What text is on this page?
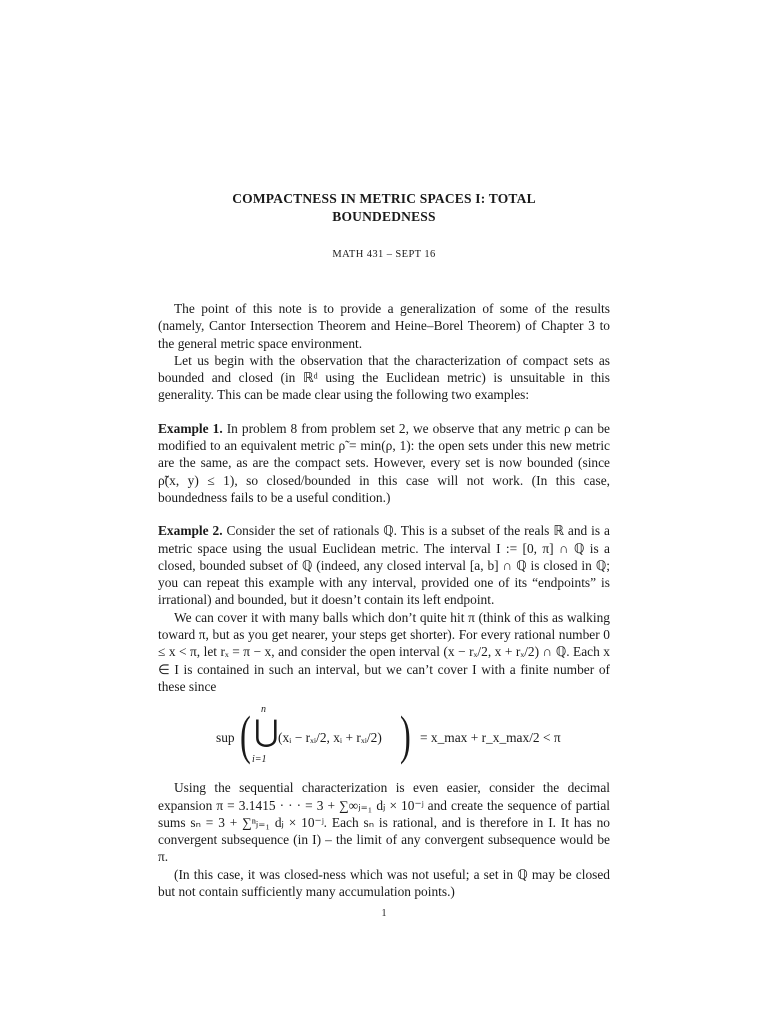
COMPACTNESS IN METRIC SPACES I: TOTAL
BOUNDEDNESS
MATH 431 – SEPT 16

The point of this note is to provide a generalization of some of the results (namely, Cantor Intersection Theorem and Heine–Borel Theorem) of Chapter 3 to the general metric space environment.

Let us begin with the observation that the characterization of compact sets as bounded and closed (in ℝᵈ using the Euclidean metric) is unsuitable in this generality. This can be made clear using the following two examples:

Example 1. In problem 8 from problem set 2, we observe that any metric ρ can be modified to an equivalent metric ρ̃ = min(ρ, 1): the open sets under this new metric are the same, as are the compact sets. However, every set is now bounded (since ρ̃(x, y) ≤ 1), so closed/bounded in this case will not work. (In this case, boundedness fails to be a useful condition.)

Example 2. Consider the set of rationals ℚ. This is a subset of the reals ℝ and is a metric space using the usual Euclidean metric. The interval I := [0, π] ∩ ℚ is a closed, bounded subset of ℚ (indeed, any closed interval [a, b] ∩ ℚ is closed in ℚ; you can repeat this example with any interval, provided one of its “endpoints” is irrational) and bounded, but it doesn’t contain its left endpoint.

We can cover it with many balls which don’t quite hit π (think of this as walking toward π, but as you get nearer, your steps get shorter). For every rational number 0 ≤ x < π, let rₓ = π − x, and consider the open interval (x − rₓ/2, x + rₓ/2) ∩ ℚ. Each x ∈ I is contained in such an interval, but we can’t cover I with a finite number of these since

sup ( n
⋃
i=1
(xᵢ − rₓᵢ/2, xᵢ + rₓᵢ/2) ) = x_max + r_x_max/2 < π

Using the sequential characterization is even easier, consider the decimal expansion π = 3.1415 · · · = 3 + ∑∞ⱼ₌₁ dⱼ × 10⁻ʲ and create the sequence of partial sums sₙ = 3 + ∑ⁿⱼ₌₁ dⱼ × 10⁻ʲ. Each sₙ is rational, and is therefore in I. It has no convergent subsequence (in I) – the limit of any convergent subsequence would be π.

(In this case, it was closed-ness which was not useful; a set in ℚ may be closed but not contain sufficiently many accumulation points.)

1
